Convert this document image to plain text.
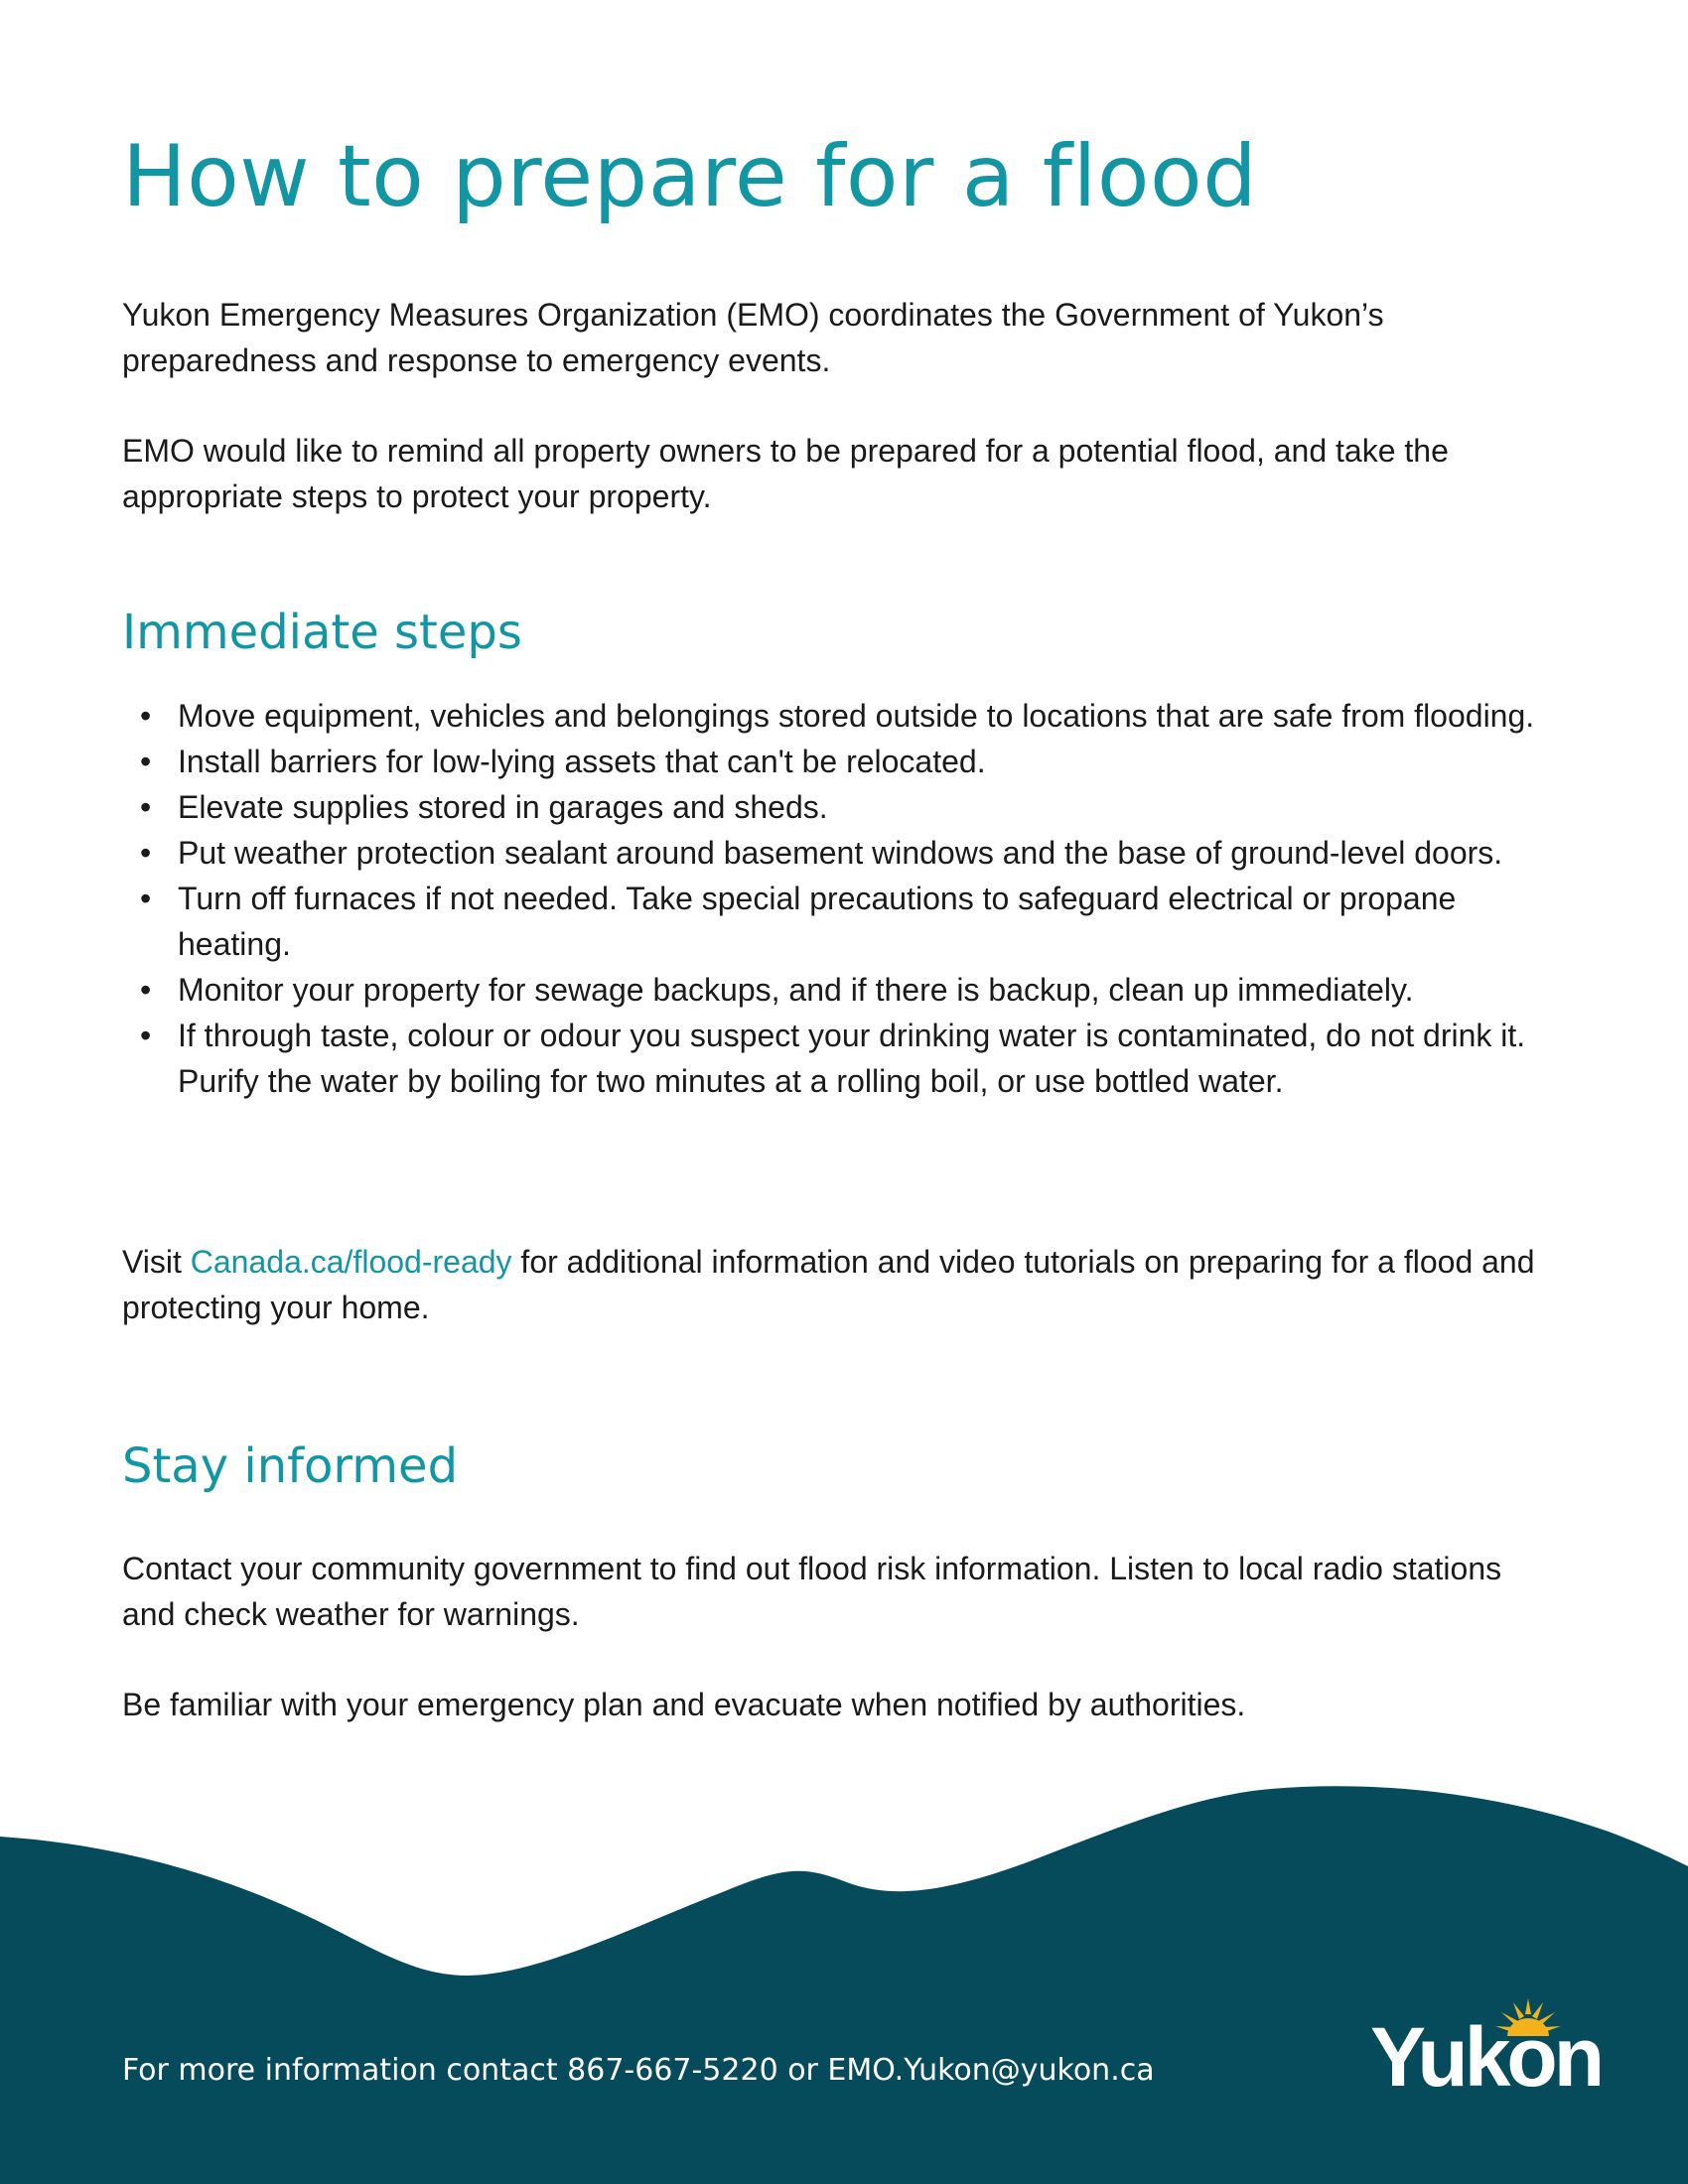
How to prepare for a flood

Yukon Emergency Measures Organization (EMO) coordinates the Government of Yukon’s preparedness and response to emergency events.

EMO would like to remind all property owners to be prepared for a potential flood, and take the appropriate steps to protect your property.

Immediate steps
• Move equipment, vehicles and belongings stored outside to locations that are safe from flooding.
• Install barriers for low-lying assets that can't be relocated.
• Elevate supplies stored in garages and sheds.
• Put weather protection sealant around basement windows and the base of ground-level doors.
• Turn off furnaces if not needed. Take special precautions to safeguard electrical or propane heating.
• Monitor your property for sewage backups, and if there is backup, clean up immediately.
• If through taste, colour or odour you suspect your drinking water is contaminated, do not drink it. Purify the water by boiling for two minutes at a rolling boil, or use bottled water.

Visit Canada.ca/flood-ready for additional information and video tutorials on preparing for a flood and protecting your home.

Stay informed

Contact your community government to find out flood risk information. Listen to local radio stations and check weather for warnings.

Be familiar with your emergency plan and evacuate when notified by authorities.

For more information contact 867-667-5220 or EMO.Yukon@yukon.ca	Yukon
